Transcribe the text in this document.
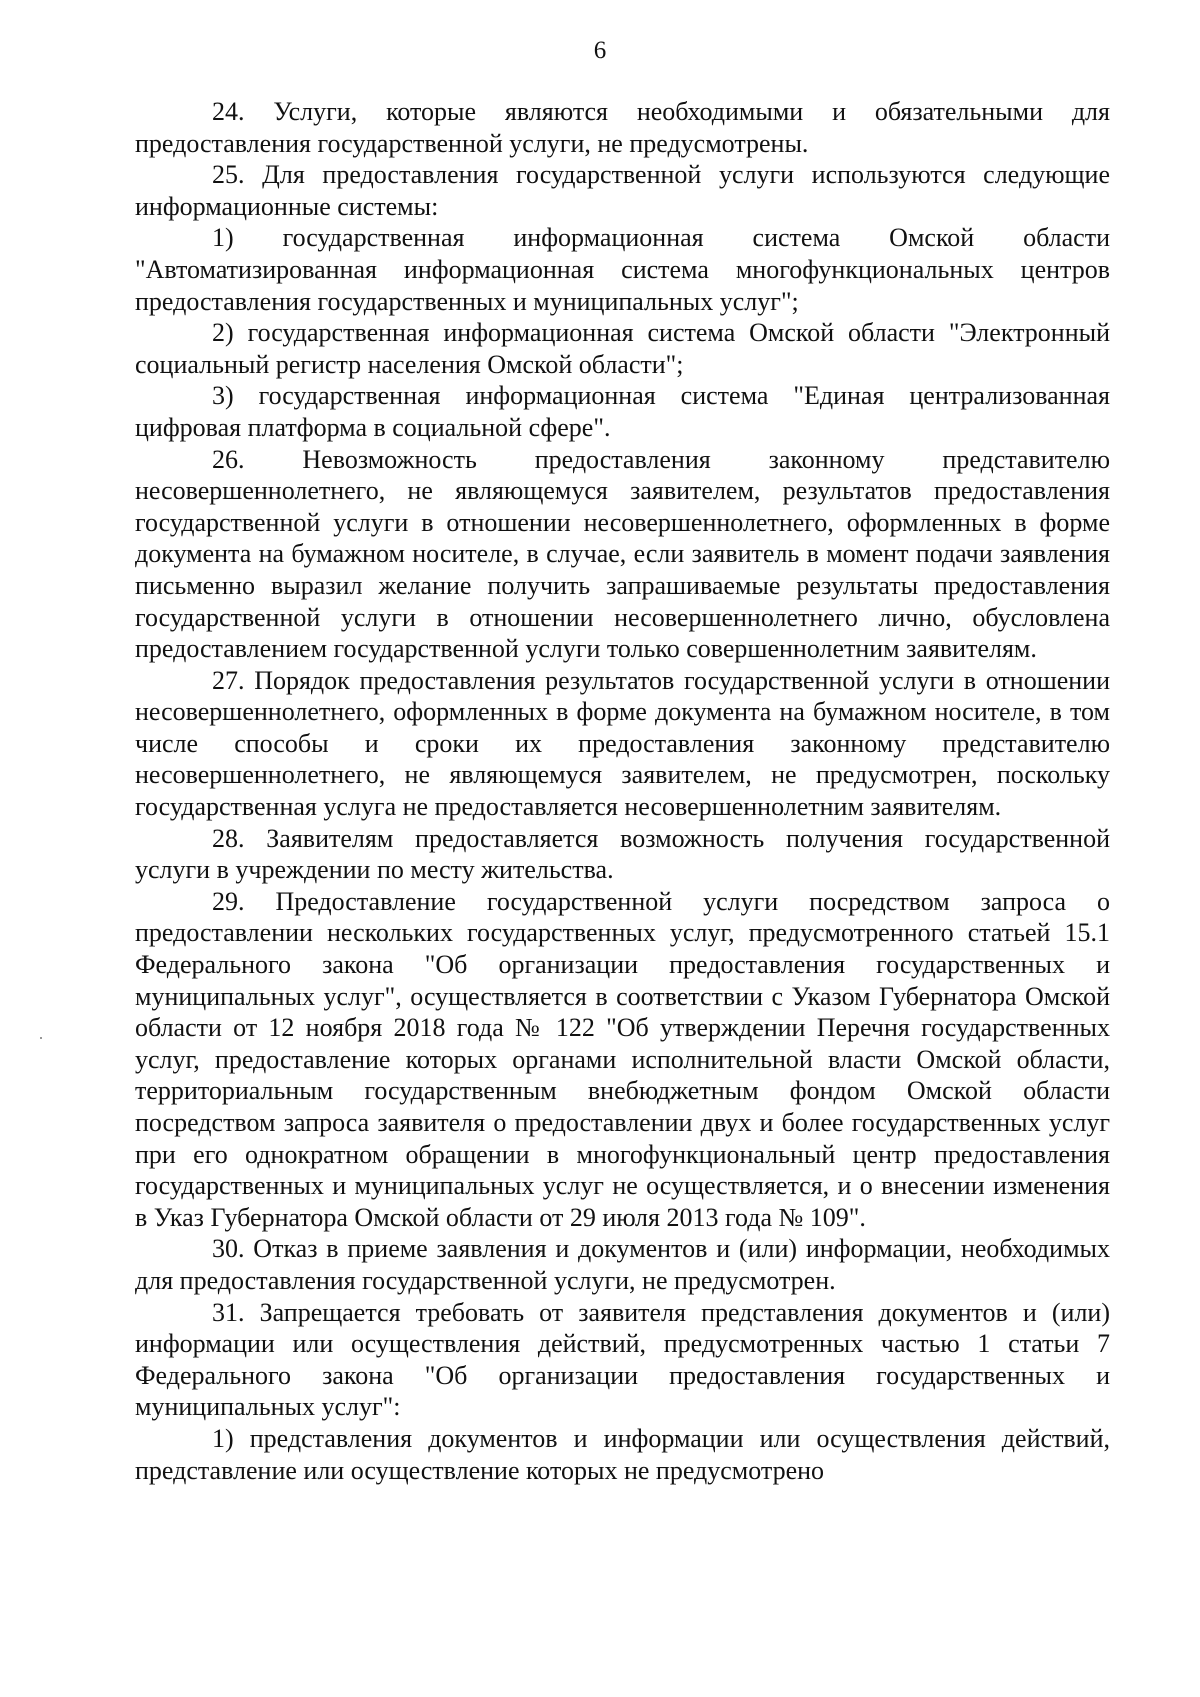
6

24. Услуги, которые являются необходимыми и обязательными для предоставления государственной услуги, не предусмотрены.

25. Для предоставления государственной услуги используются следующие информационные системы:

1) государственная информационная система Омской области "Автоматизированная информационная система многофункциональных центров предоставления государственных и муниципальных услуг";

2) государственная информационная система Омской области "Электронный социальный регистр населения Омской области";

3) государственная информационная система "Единая централизованная цифровая платформа в социальной сфере".

26. Невозможность предоставления законному представителю несовершеннолетнего, не являющемуся заявителем, результатов предоставления государственной услуги в отношении несовершеннолетнего, оформленных в форме документа на бумажном носителе, в случае, если заявитель в момент подачи заявления письменно выразил желание получить запрашиваемые результаты предоставления государственной услуги в отношении несовершеннолетнего лично, обусловлена предоставлением государственной услуги только совершеннолетним заявителям.

27. Порядок предоставления результатов государственной услуги в отношении несовершеннолетнего, оформленных в форме документа на бумажном носителе, в том числе способы и сроки их предоставления законному представителю несовершеннолетнего, не являющемуся заявителем, не предусмотрен, поскольку государственная услуга не предоставляется несовершеннолетним заявителям.

28. Заявителям предоставляется возможность получения государственной услуги в учреждении по месту жительства.

29. Предоставление государственной услуги посредством запроса о предоставлении нескольких государственных услуг, предусмотренного статьей 15.1 Федерального закона "Об организации предоставления государственных и муниципальных услуг", осуществляется в соответствии с Указом Губернатора Омской области от 12 ноября 2018 года № 122 "Об утверждении Перечня государственных услуг, предоставление которых органами исполнительной власти Омской области, территориальным государственным внебюджетным фондом Омской области посредством запроса заявителя о предоставлении двух и более государственных услуг при его однократном обращении в многофункциональный центр предоставления государственных и муниципальных услуг не осуществляется, и о внесении изменения в Указ Губернатора Омской области от 29 июля 2013 года № 109".

30. Отказ в приеме заявления и документов и (или) информации, необходимых для предоставления государственной услуги, не предусмотрен.

31. Запрещается требовать от заявителя представления документов и (или) информации или осуществления действий, предусмотренных частью 1 статьи 7 Федерального закона "Об организации предоставления государственных и муниципальных услуг":

1) представления документов и информации или осуществления действий, представление или осуществление которых не предусмотрено
